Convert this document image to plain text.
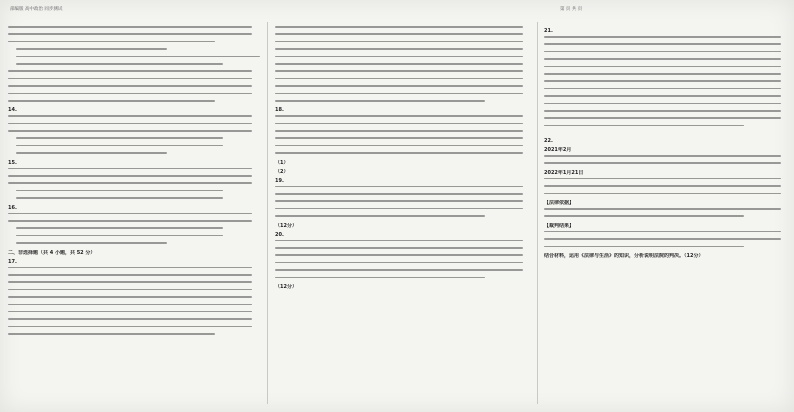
部编版 高中政治 同步测试	第 页 共 页
14.
15.
16.
二、非选择题（共 4 小题，共 52 分）
17.
18.
（1）
（2）
19.
（12分）
20.
（12分）
21.
22.
2021年2月
2022年1月21日
【法律依据】
【裁判结果】
结合材料，运用《法律与生活》的知识，分析说明法院的判决。（12分）
